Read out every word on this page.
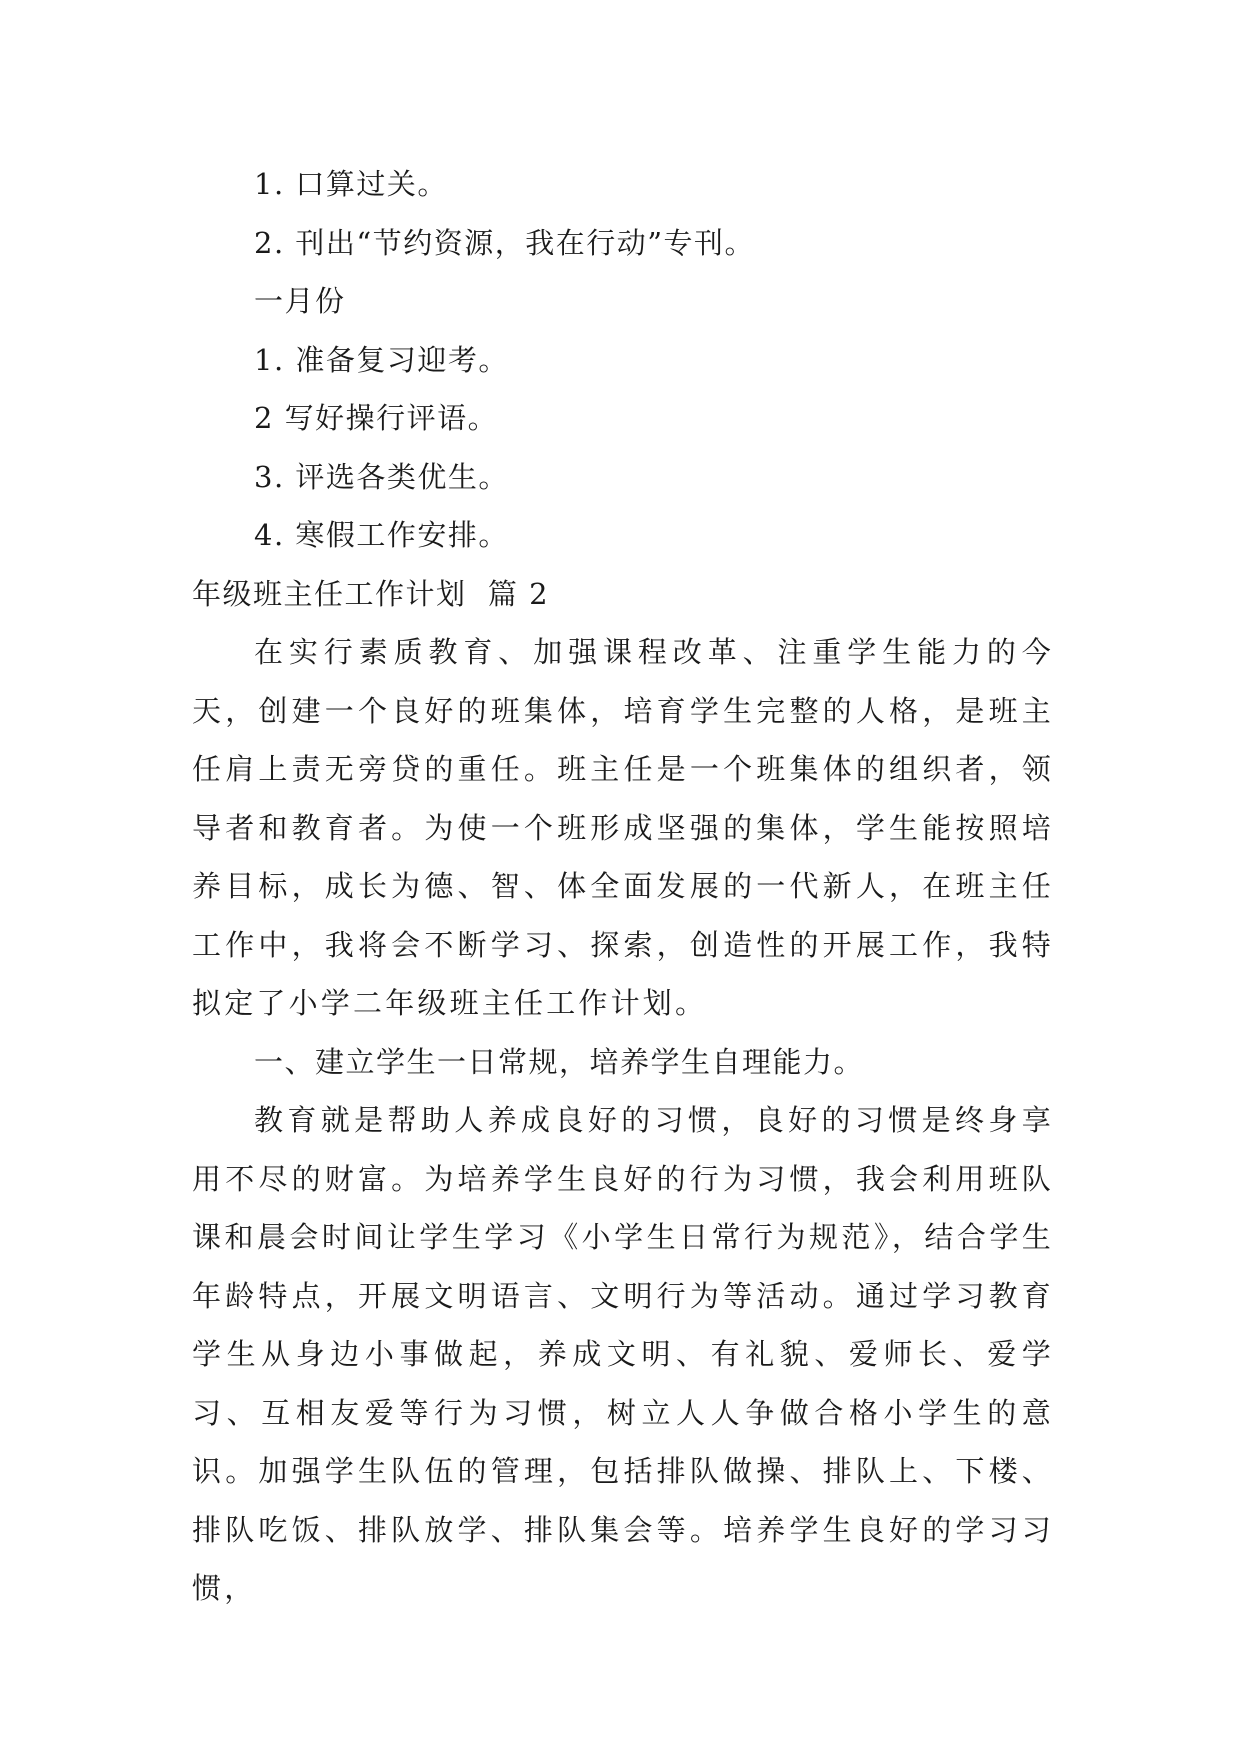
1. 口算过关。
2. 刊出“节约资源，我在行动”专刊。
一月份
1. 准备复习迎考。
2 写好操行评语。
3. 评选各类优生。
4. 寒假工作安排。
年级班主任工作计划  篇 2

在实行素质教育、加强课程改革、注重学生能力的今天，创建一个良好的班集体，培育学生完整的人格，是班主任肩上责无旁贷的重任。班主任是一个班集体的组织者，领导者和教育者。为使一个班形成坚强的集体，学生能按照培养目标，成长为德、智、体全面发展的一代新人，在班主任工作中，我将会不断学习、探索，创造性的开展工作，我特拟定了小学二年级班主任工作计划。

一、建立学生一日常规，培养学生自理能力。

教育就是帮助人养成良好的习惯，良好的习惯是终身享用不尽的财富。为培养学生良好的行为习惯，我会利用班队课和晨会时间让学生学习《小学生日常行为规范》，结合学生年龄特点，开展文明语言、文明行为等活动。通过学习教育学生从身边小事做起，养成文明、有礼貌、爱师长、爱学习、互相友爱等行为习惯，树立人人争做合格小学生的意识。加强学生队伍的管理，包括排队做操、排队上、下楼、排队吃饭、排队放学、排队集会等。培养学生良好的学习习惯，
